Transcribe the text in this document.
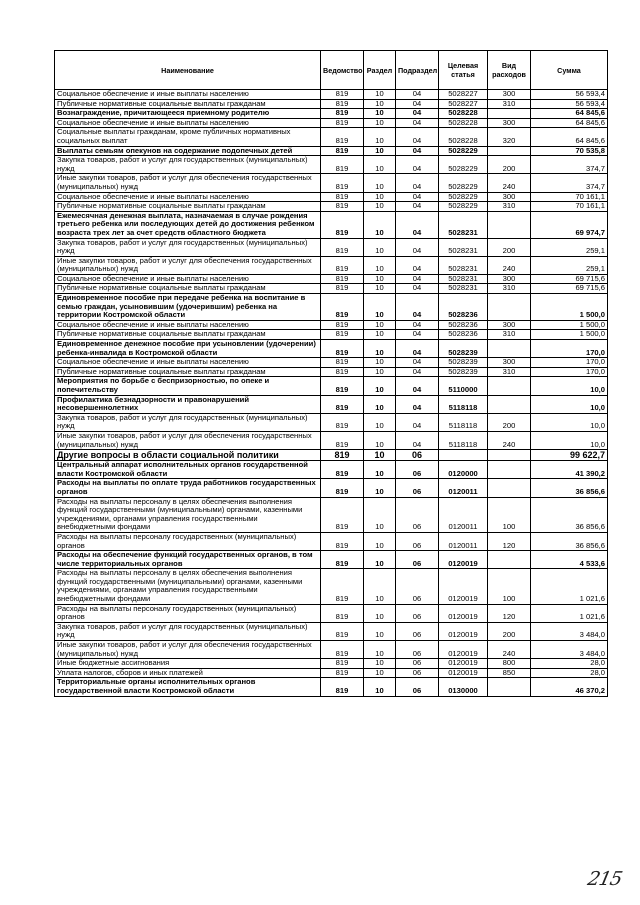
Наименование	Ведомство	Раздел	Подраздел	Целевая статья	Вид расходов	Сумма
Социальное обеспечение и иные выплаты населению	819	10	04	5028227	300	56 593,4
Публичные нормативные социальные выплаты гражданам	819	10	04	5028227	310	56 593,4
Вознаграждение, причитающееся приемному родителю	819	10	04	5028228		64 845,6
Социальное обеспечение и иные выплаты населению	819	10	04	5028228	300	64 845,6
Социальные выплаты гражданам, кроме публичных нормативных социальных выплат	819	10	04	5028228	320	64 845,6
Выплаты семьям опекунов на содержание подопечных детей	819	10	04	5028229		70 535,8
Закупка товаров, работ и услуг для государственных (муниципальных) нужд	819	10	04	5028229	200	374,7
Иные закупки товаров, работ и услуг для обеспечения государственных (муниципальных) нужд	819	10	04	5028229	240	374,7
Социальное обеспечение и иные выплаты населению	819	10	04	5028229	300	70 161,1
Публичные нормативные социальные выплаты гражданам	819	10	04	5028229	310	70 161,1
Ежемесячная денежная выплата, назначаемая в случае рождения третьего ребенка или последующих детей до достижения ребенком возраста трех лет за счет средств областного бюджета	819	10	04	5028231		69 974,7
Закупка товаров, работ и услуг для государственных (муниципальных) нужд	819	10	04	5028231	200	259,1
Иные закупки товаров, работ и услуг для обеспечения государственных (муниципальных) нужд	819	10	04	5028231	240	259,1
Социальное обеспечение и иные выплаты населению	819	10	04	5028231	300	69 715,6
Публичные нормативные социальные выплаты гражданам	819	10	04	5028231	310	69 715,6
Единовременное пособие при передаче ребенка на воспитание в семью граждан, усыновившим (удочерившим) ребенка на территории Костромской области	819	10	04	5028236		1 500,0
Социальное обеспечение и иные выплаты населению	819	10	04	5028236	300	1 500,0
Публичные нормативные социальные выплаты гражданам	819	10	04	5028236	310	1 500,0
Единовременное денежное пособие при усыновлении (удочерении) ребенка-инвалида в Костромской области	819	10	04	5028239		170,0
Социальное обеспечение и иные выплаты населению	819	10	04	5028239	300	170,0
Публичные нормативные социальные выплаты гражданам	819	10	04	5028239	310	170,0
Мероприятия по борьбе с беспризорностью, по опеке и попечительству	819	10	04	5110000		10,0
Профилактика безнадзорности и правонарушений несовершеннолетних	819	10	04	5118118		10,0
Закупка товаров, работ и услуг для государственных (муниципальных) нужд	819	10	04	5118118	200	10,0
Иные закупки товаров, работ и услуг для обеспечения государственных (муниципальных) нужд	819	10	04	5118118	240	10,0
Другие вопросы в области социальной политики	819	10	06			99 622,7
Центральный аппарат исполнительных органов государственной власти Костромской области	819	10	06	0120000		41 390,2
Расходы на выплаты по оплате труда работников государственных органов	819	10	06	0120011		36 856,6
Расходы на выплаты персоналу в целях обеспечения выполнения функций государственными (муниципальными) органами, казенными учреждениями, органами управления государственными внебюджетными фондами	819	10	06	0120011	100	36 856,6
Расходы на выплаты персоналу государственных (муниципальных) органов	819	10	06	0120011	120	36 856,6
Расходы на обеспечение функций государственных органов, в том числе территориальных органов	819	10	06	0120019		4 533,6
Расходы на выплаты персоналу в целях обеспечения выполнения функций государственными (муниципальными) органами, казенными учреждениями, органами управления государственными внебюджетными фондами	819	10	06	0120019	100	1 021,6
Расходы на выплаты персоналу государственных (муниципальных) органов	819	10	06	0120019	120	1 021,6
Закупка товаров, работ и услуг для государственных (муниципальных) нужд	819	10	06	0120019	200	3 484,0
Иные закупки товаров, работ и услуг для обеспечения государственных (муниципальных) нужд	819	10	06	0120019	240	3 484,0
Иные бюджетные ассигнования	819	10	06	0120019	800	28,0
Уплата налогов, сборов и иных платежей	819	10	06	0120019	850	28,0
Территориальные органы исполнительных органов государственной власти Костромской области	819	10	06	0130000		46 370,2
215
